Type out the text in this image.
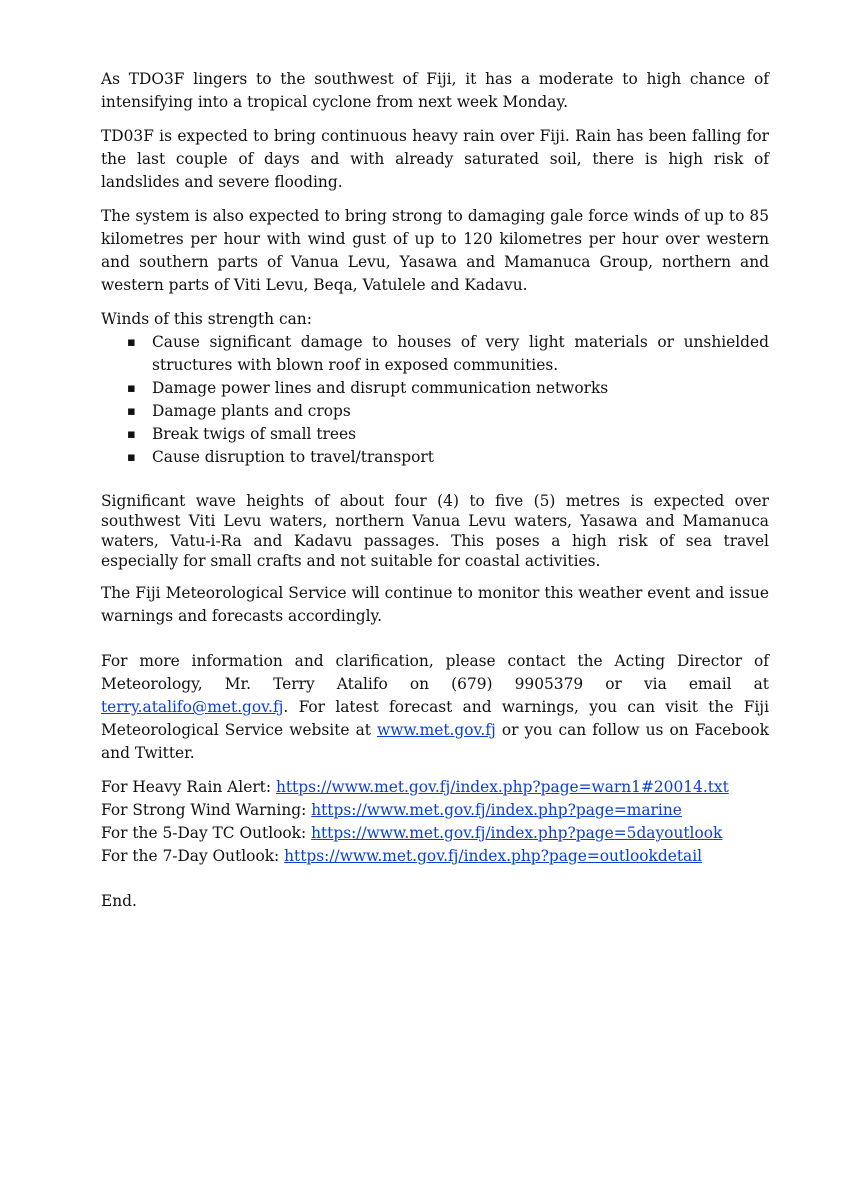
As TDO3F lingers to the southwest of Fiji, it has a moderate to high chance of intensifying into a tropical cyclone from next week Monday.

TD03F is expected to bring continuous heavy rain over Fiji. Rain has been falling for the last couple of days and with already saturated soil, there is high risk of landslides and severe flooding.

The system is also expected to bring strong to damaging gale force winds of up to 85 kilometres per hour with wind gust of up to 120 kilometres per hour over western and southern parts of Vanua Levu, Yasawa and Mamanuca Group, northern and western parts of Viti Levu, Beqa, Vatulele and Kadavu.

Winds of this strength can:

▪ Cause significant damage to houses of very light materials or unshielded structures with blown roof in exposed communities.
▪ Damage power lines and disrupt communication networks
▪ Damage plants and crops
▪ Break twigs of small trees
▪ Cause disruption to travel/transport

Significant wave heights of about four (4) to five (5) metres is expected over southwest Viti Levu waters, northern Vanua Levu waters, Yasawa and Mamanuca waters, Vatu-i-Ra and Kadavu passages. This poses a high risk of sea travel especially for small crafts and not suitable for coastal activities.

The Fiji Meteorological Service will continue to monitor this weather event and issue warnings and forecasts accordingly.

For more information and clarification, please contact the Acting Director of Meteorology, Mr. Terry Atalifo on (679) 9905379 or via email at terry.atalifo@met.gov.fj. For latest forecast and warnings, you can visit the Fiji Meteorological Service website at www.met.gov.fj or you can follow us on Facebook and Twitter.

For Heavy Rain Alert: https://www.met.gov.fj/index.php?page=warn1#20014.txt
For Strong Wind Warning: https://www.met.gov.fj/index.php?page=marine
For the 5-Day TC Outlook: https://www.met.gov.fj/index.php?page=5dayoutlook
For the 7-Day Outlook: https://www.met.gov.fj/index.php?page=outlookdetail

End.
